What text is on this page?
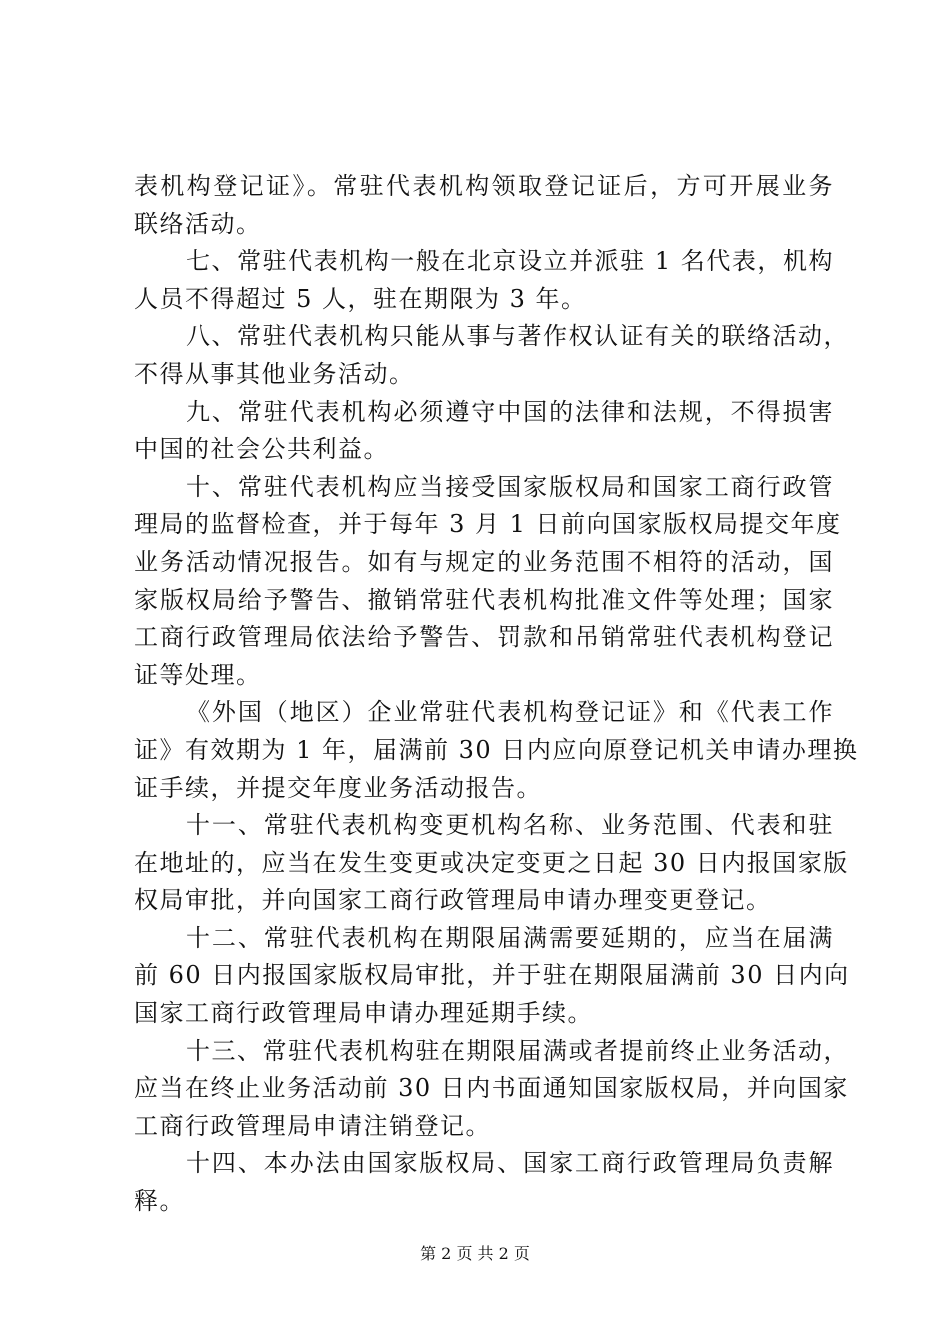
表机构登记证》。常驻代表机构领取登记证后，方可开展业务
联络活动。
七、常驻代表机构一般在北京设立并派驻 1 名代表，机构
人员不得超过 5 人，驻在期限为 3 年。
八、常驻代表机构只能从事与著作权认证有关的联络活动，
不得从事其他业务活动。
九、常驻代表机构必须遵守中国的法律和法规，不得损害
中国的社会公共利益。
十、常驻代表机构应当接受国家版权局和国家工商行政管
理局的监督检查，并于每年 3 月 1 日前向国家版权局提交年度
业务活动情况报告。如有与规定的业务范围不相符的活动，国
家版权局给予警告、撤销常驻代表机构批准文件等处理；国家
工商行政管理局依法给予警告、罚款和吊销常驻代表机构登记
证等处理。
《外国（地区）企业常驻代表机构登记证》和《代表工作
证》有效期为 1 年，届满前 30 日内应向原登记机关申请办理换
证手续，并提交年度业务活动报告。
十一、常驻代表机构变更机构名称、业务范围、代表和驻
在地址的，应当在发生变更或决定变更之日起 30 日内报国家版
权局审批，并向国家工商行政管理局申请办理变更登记。
十二、常驻代表机构在期限届满需要延期的，应当在届满
前 60 日内报国家版权局审批，并于驻在期限届满前 30 日内向
国家工商行政管理局申请办理延期手续。
十三、常驻代表机构驻在期限届满或者提前终止业务活动，
应当在终止业务活动前 30 日内书面通知国家版权局，并向国家
工商行政管理局申请注销登记。
十四、本办法由国家版权局、国家工商行政管理局负责解
释。
第 2 页 共 2 页
